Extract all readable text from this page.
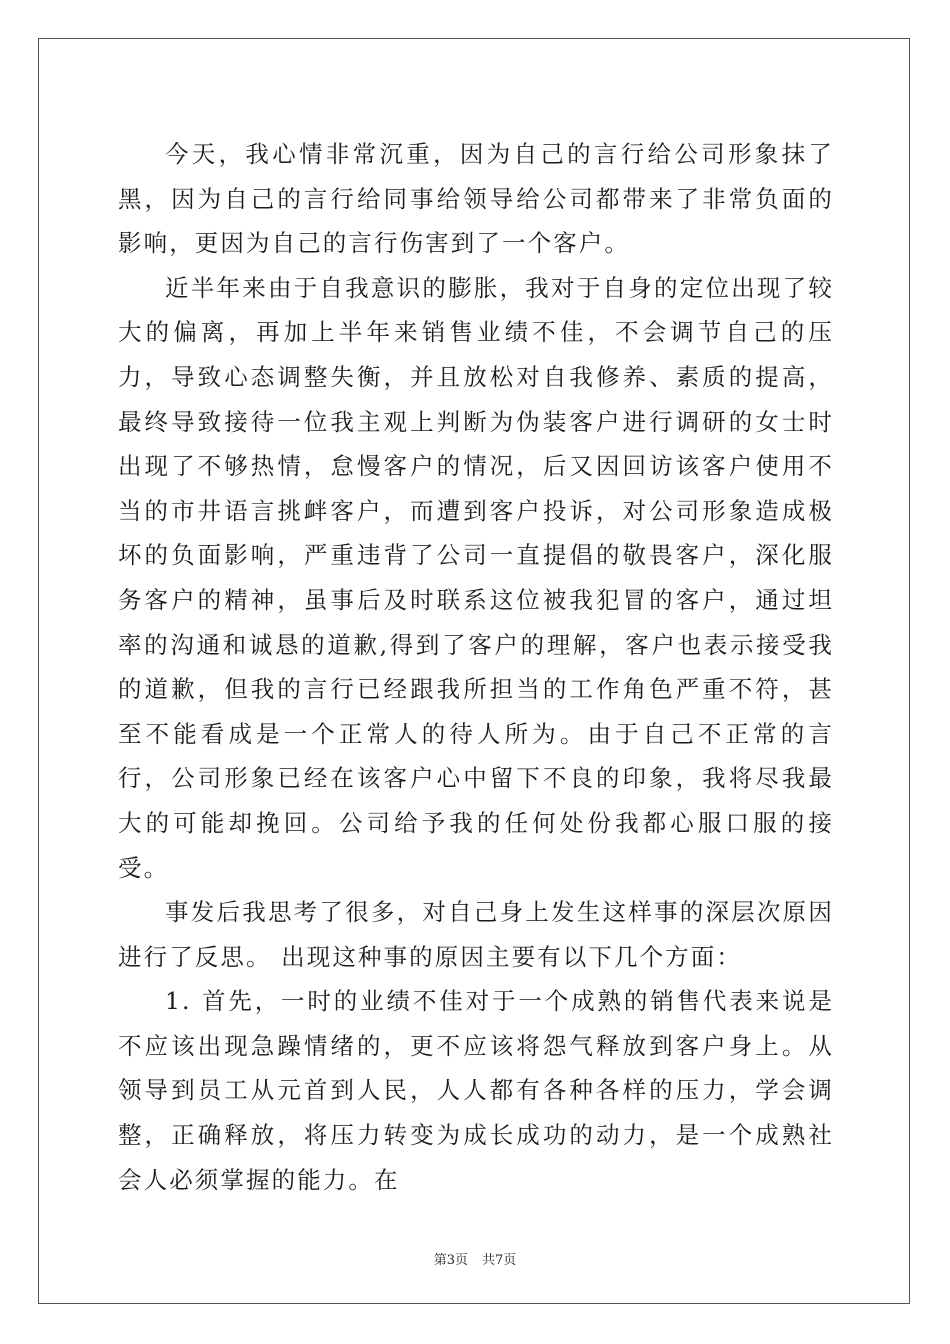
今天，我心情非常沉重，因为自己的言行给公司形象抹了黑，因为自己的言行给同事给领导给公司都带来了非常负面的影响，更因为自己的言行伤害到了一个客户。

近半年来由于自我意识的膨胀，我对于自身的定位出现了较大的偏离，再加上半年来销售业绩不佳，不会调节自己的压力，导致心态调整失衡，并且放松对自我修养、素质的提高，最终导致接待一位我主观上判断为伪装客户进行调研的女士时出现了不够热情，怠慢客户的情况，后又因回访该客户使用不当的市井语言挑衅客户，而遭到客户投诉，对公司形象造成极坏的负面影响，严重违背了公司一直提倡的敬畏客户，深化服务客户的精神，虽事后及时联系这位被我犯冒的客户，通过坦率的沟通和诚恳的道歉,得到了客户的理解，客户也表示接受我的道歉，但我的言行已经跟我所担当的工作角色严重不符，甚至不能看成是一个正常人的待人所为。由于自己不正常的言行，公司形象已经在该客户心中留下不良的印象，我将尽我最大的可能却挽回。公司给予我的任何处份我都心服口服的接受。

事发后我思考了很多，对自己身上发生这样事的深层次原因进行了反思。 出现这种事的原因主要有以下几个方面：

1. 首先，一时的业绩不佳对于一个成熟的销售代表来说是不应该出现急躁情绪的，更不应该将怨气释放到客户身上。从领导到员工从元首到人民，人人都有各种各样的压力，学会调整，正确释放，将压力转变为成长成功的动力，是一个成熟社会人必须掌握的能力。在

第3页 共7页
